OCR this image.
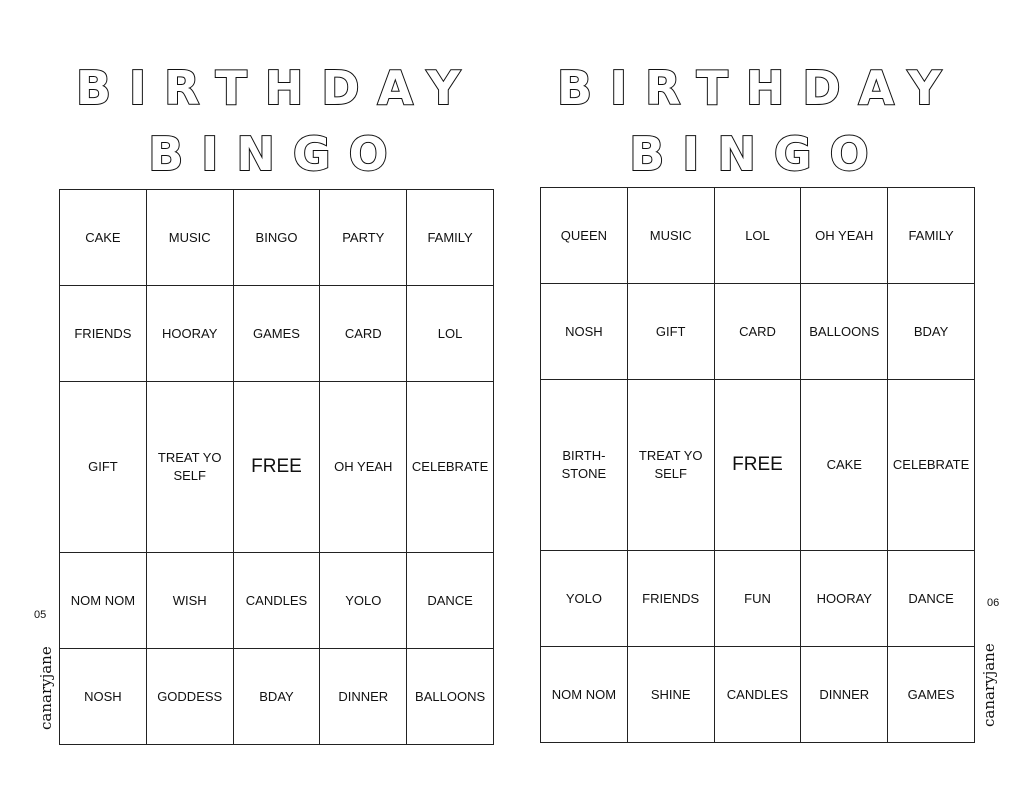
BIRTHDAY
BINGO
CAKE	MUSIC	BINGO	PARTY	FAMILY
FRIENDS	HOORAY	GAMES	CARD	LOL
GIFT	TREAT YO SELF	FREE	OH YEAH	CELEBRATE
NOM NOM	WISH	CANDLES	YOLO	DANCE
NOSH	GODDESS	BDAY	DINNER	BALLOONS
05
canaryjane
BIRTHDAY
BINGO
QUEEN	MUSIC	LOL	OH YEAH	FAMILY
NOSH	GIFT	CARD	BALLOONS	BDAY
BIRTH-STONE	TREAT YO SELF	FREE	CAKE	CELEBRATE
YOLO	FRIENDS	FUN	HOORAY	DANCE
NOM NOM	SHINE	CANDLES	DINNER	GAMES
06
canaryjane
